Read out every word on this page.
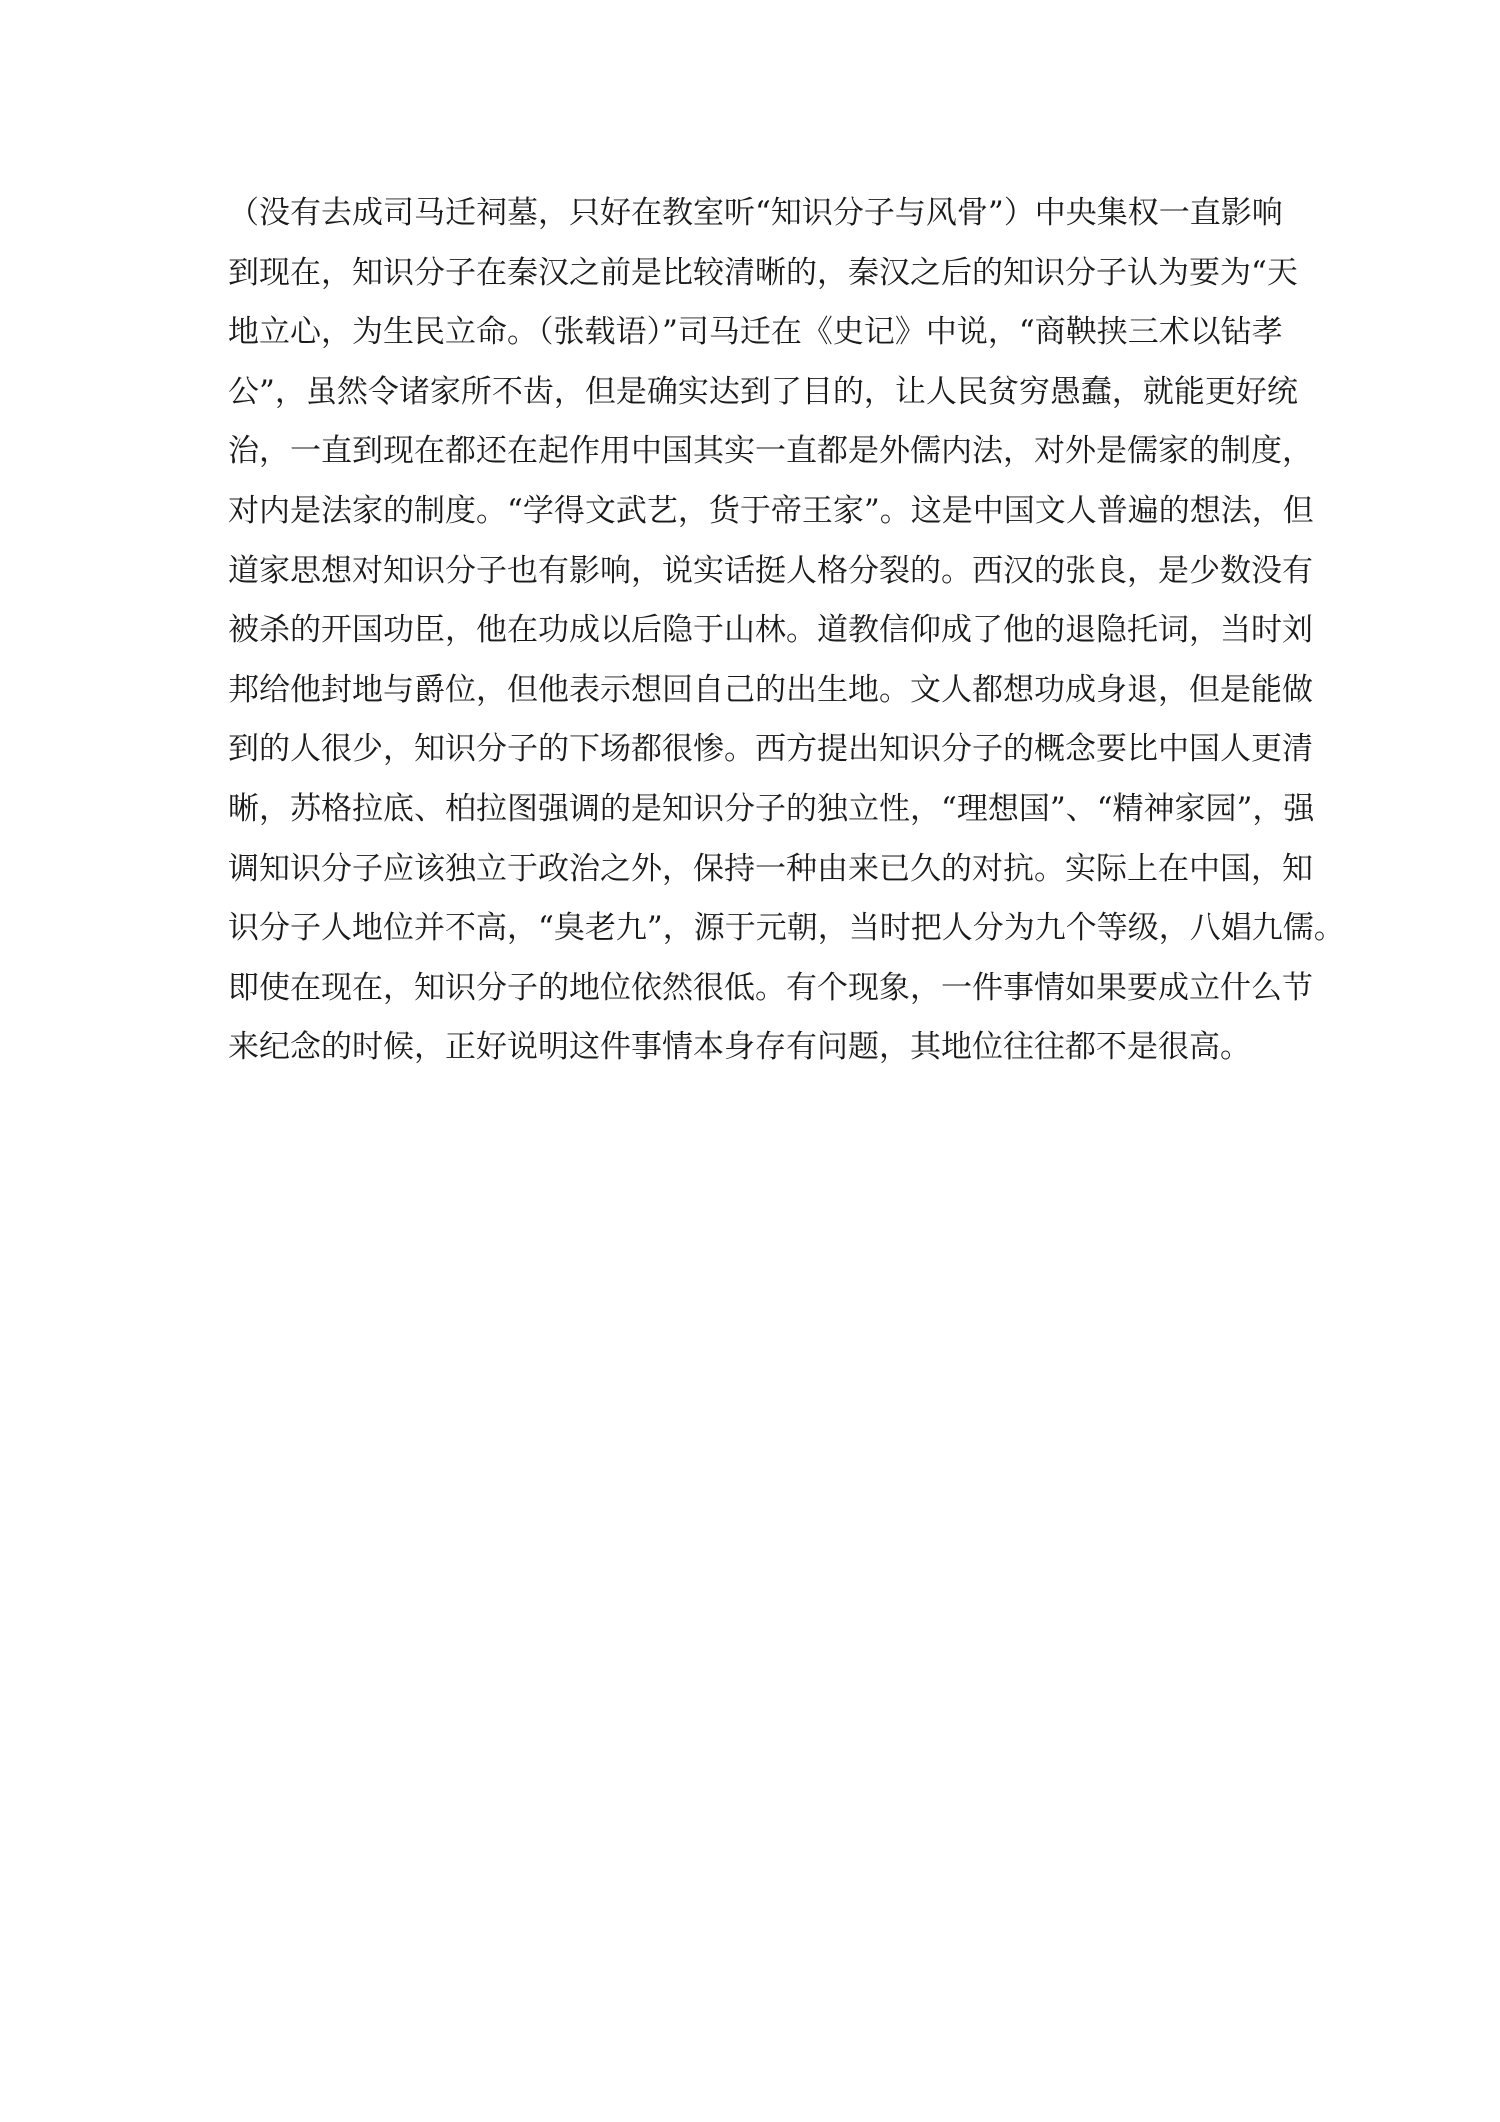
（没有去成司马迁祠墓，只好在教室听“知识分子与风骨”）中央集权一直影响
到现在，知识分子在秦汉之前是比较清晰的，秦汉之后的知识分子认为要为“天
地立心，为生民立命。（张载语）”司马迁在《史记》中说，“商鞅挟三术以钻孝
公”，虽然令诸家所不齿，但是确实达到了目的，让人民贫穷愚蠢，就能更好统
治，一直到现在都还在起作用中国其实一直都是外儒内法，对外是儒家的制度，
对内是法家的制度。“学得文武艺，货于帝王家”。这是中国文人普遍的想法，但
道家思想对知识分子也有影响，说实话挺人格分裂的。西汉的张良，是少数没有
被杀的开国功臣，他在功成以后隐于山林。道教信仰成了他的退隐托词，当时刘
邦给他封地与爵位，但他表示想回自己的出生地。文人都想功成身退，但是能做
到的人很少，知识分子的下场都很惨。西方提出知识分子的概念要比中国人更清
晰，苏格拉底、柏拉图强调的是知识分子的独立性，“理想国”、“精神家园”，强
调知识分子应该独立于政治之外，保持一种由来已久的对抗。实际上在中国，知
识分子人地位并不高，“臭老九”，源于元朝，当时把人分为九个等级，八娼九儒。
即使在现在，知识分子的地位依然很低。有个现象，一件事情如果要成立什么节
来纪念的时候，正好说明这件事情本身存有问题，其地位往往都不是很高。
